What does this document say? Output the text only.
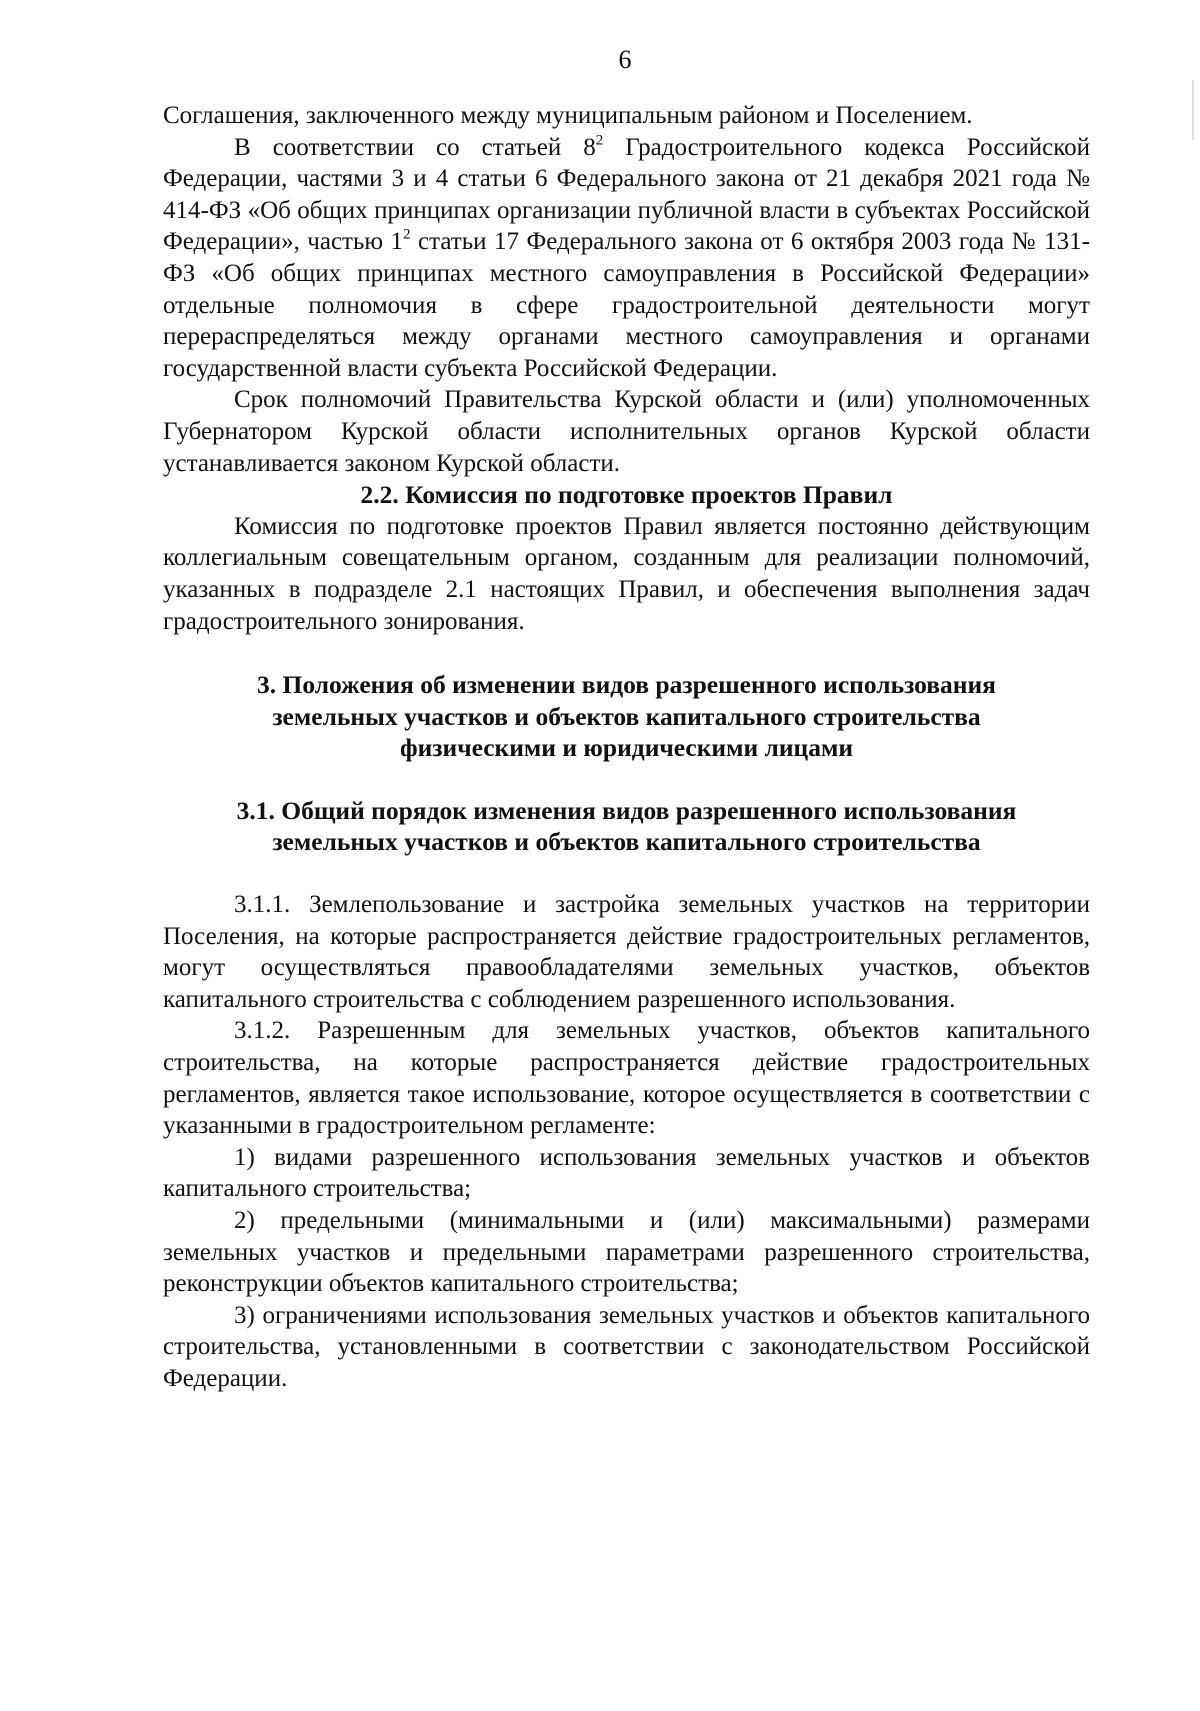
6

Соглашения, заключенного между муниципальным районом и Поселением.

В соответствии со статьей $8^2$ Градостроительного кодекса Российской Федерации, частями 3 и 4 статьи 6 Федерального закона от 21 декабря 2021 года № 414-ФЗ «Об общих принципах организации публичной власти в субъектах Российской Федерации», частью $1^2$ статьи 17 Федерального закона от 6 октября 2003 года № 131-ФЗ «Об общих принципах местного самоуправления в Российской Федерации» отдельные полномочия в сфере градостроительной деятельности могут перераспределяться между органами местного самоуправления и органами государственной власти субъекта Российской Федерации.

Срок полномочий Правительства Курской области и (или) уполномоченных Губернатором Курской области исполнительных органов Курской области устанавливается законом Курской области.

2.2. Комиссия по подготовке проектов Правил

Комиссия по подготовке проектов Правил является постоянно действующим коллегиальным совещательным органом, созданным для реализации полномочий, указанных в подразделе 2.1 настоящих Правил, и обеспечения выполнения задач градостроительного зонирования.

3. Положения об изменении видов разрешенного использования
земельных участков и объектов капитального строительства
физическими и юридическими лицами
3.1. Общий порядок изменения видов разрешенного использования
земельных участков и объектов капитального строительства

3.1.1. Землепользование и застройка земельных участков на территории Поселения, на которые распространяется действие градостроительных регламентов, могут осуществляться правообладателями земельных участков, объектов капитального строительства с соблюдением разрешенного использования.

3.1.2. Разрешенным для земельных участков, объектов капитального строительства, на которые распространяется действие градостроительных регламентов, является такое использование, которое осуществляется в соответствии с указанными в градостроительном регламенте:

1) видами разрешенного использования земельных участков и объектов капитального строительства;

2) предельными (минимальными и (или) максимальными) размерами земельных участков и предельными параметрами разрешенного строительства, реконструкции объектов капитального строительства;

3) ограничениями использования земельных участков и объектов капитального строительства, установленными в соответствии с законодательством Российской Федерации.
